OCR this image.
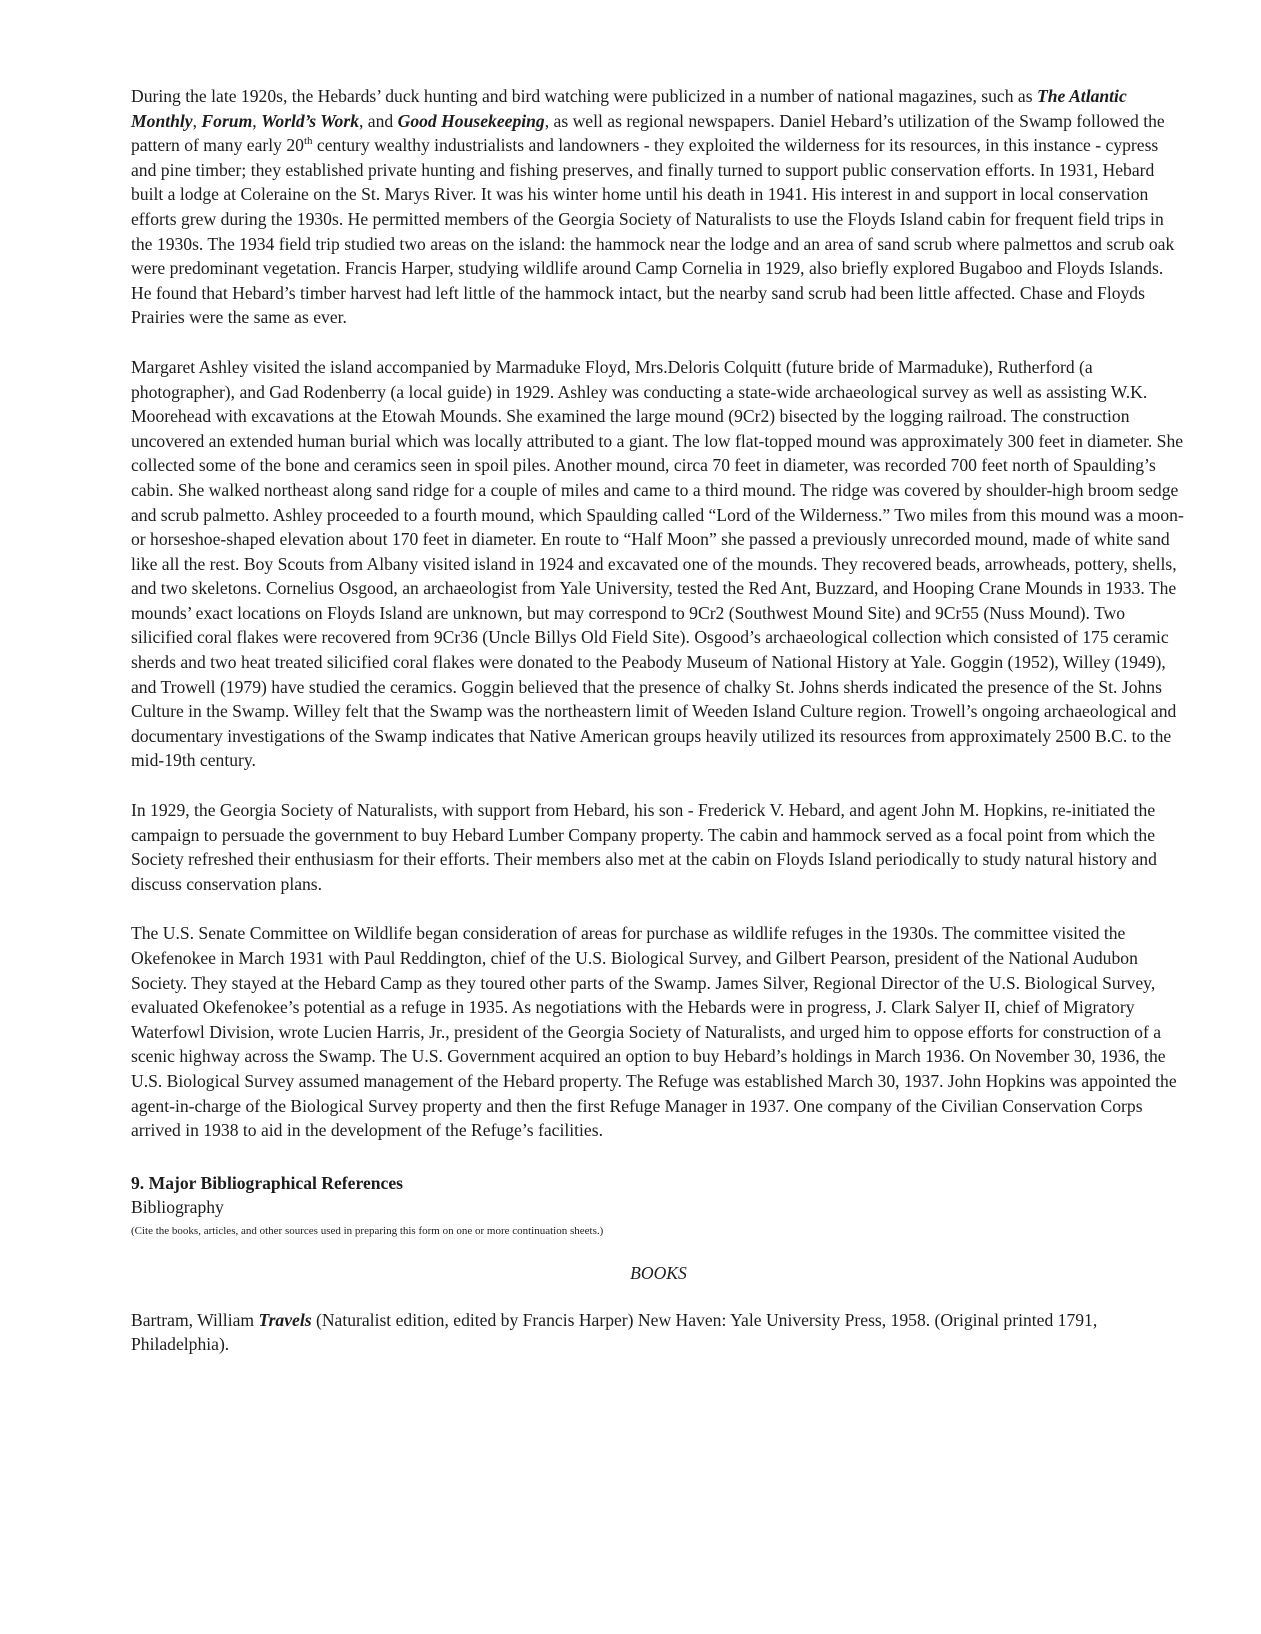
During the late 1920s, the Hebards’ duck hunting and bird watching were publicized in a number of national magazines, such as The Atlantic Monthly, Forum, World’s Work, and Good Housekeeping, as well as regional newspapers. Daniel Hebard’s utilization of the Swamp followed the pattern of many early 20th century wealthy industrialists and landowners - they exploited the wilderness for its resources, in this instance - cypress and pine timber; they established private hunting and fishing preserves, and finally turned to support public conservation efforts. In 1931, Hebard built a lodge at Coleraine on the St. Marys River. It was his winter home until his death in 1941. His interest in and support in local conservation efforts grew during the 1930s. He permitted members of the Georgia Society of Naturalists to use the Floyds Island cabin for frequent field trips in the 1930s. The 1934 field trip studied two areas on the island: the hammock near the lodge and an area of sand scrub where palmettos and scrub oak were predominant vegetation. Francis Harper, studying wildlife around Camp Cornelia in 1929, also briefly explored Bugaboo and Floyds Islands. He found that Hebard’s timber harvest had left little of the hammock intact, but the nearby sand scrub had been little affected. Chase and Floyds Prairies were the same as ever.

Margaret Ashley visited the island accompanied by Marmaduke Floyd, Mrs.Deloris Colquitt (future bride of Marmaduke), Rutherford (a photographer), and Gad Rodenberry (a local guide) in 1929. Ashley was conducting a state-wide archaeological survey as well as assisting W.K. Moorehead with excavations at the Etowah Mounds. She examined the large mound (9Cr2) bisected by the logging railroad. The construction uncovered an extended human burial which was locally attributed to a giant. The low flat-topped mound was approximately 300 feet in diameter. She collected some of the bone and ceramics seen in spoil piles. Another mound, circa 70 feet in diameter, was recorded 700 feet north of Spaulding’s cabin. She walked northeast along sand ridge for a couple of miles and came to a third mound. The ridge was covered by shoulder-high broom sedge and scrub palmetto. Ashley proceeded to a fourth mound, which Spaulding called “Lord of the Wilderness.” Two miles from this mound was a moon- or horseshoe-shaped elevation about 170 feet in diameter. En route to “Half Moon” she passed a previously unrecorded mound, made of white sand like all the rest. Boy Scouts from Albany visited island in 1924 and excavated one of the mounds. They recovered beads, arrowheads, pottery, shells, and two skeletons. Cornelius Osgood, an archaeologist from Yale University, tested the Red Ant, Buzzard, and Hooping Crane Mounds in 1933. The mounds’ exact locations on Floyds Island are unknown, but may correspond to 9Cr2 (Southwest Mound Site) and 9Cr55 (Nuss Mound). Two silicified coral flakes were recovered from 9Cr36 (Uncle Billys Old Field Site). Osgood’s archaeological collection which consisted of 175 ceramic sherds and two heat treated silicified coral flakes were donated to the Peabody Museum of National History at Yale. Goggin (1952), Willey (1949), and Trowell (1979) have studied the ceramics. Goggin believed that the presence of chalky St. Johns sherds indicated the presence of the St. Johns Culture in the Swamp. Willey felt that the Swamp was the northeastern limit of Weeden Island Culture region. Trowell’s ongoing archaeological and documentary investigations of the Swamp indicates that Native American groups heavily utilized its resources from approximately 2500 B.C. to the mid-19th century.

In 1929, the Georgia Society of Naturalists, with support from Hebard, his son - Frederick V. Hebard, and agent John M. Hopkins, re-initiated the campaign to persuade the government to buy Hebard Lumber Company property. The cabin and hammock served as a focal point from which the Society refreshed their enthusiasm for their efforts. Their members also met at the cabin on Floyds Island periodically to study natural history and discuss conservation plans.

The U.S. Senate Committee on Wildlife began consideration of areas for purchase as wildlife refuges in the 1930s. The committee visited the Okefenokee in March 1931 with Paul Reddington, chief of the U.S. Biological Survey, and Gilbert Pearson, president of the National Audubon Society. They stayed at the Hebard Camp as they toured other parts of the Swamp. James Silver, Regional Director of the U.S. Biological Survey, evaluated Okefenokee’s potential as a refuge in 1935. As negotiations with the Hebards were in progress, J. Clark Salyer II, chief of Migratory Waterfowl Division, wrote Lucien Harris, Jr., president of the Georgia Society of Naturalists, and urged him to oppose efforts for construction of a scenic highway across the Swamp. The U.S. Government acquired an option to buy Hebard’s holdings in March 1936. On November 30, 1936, the U.S. Biological Survey assumed management of the Hebard property. The Refuge was established March 30, 1937. John Hopkins was appointed the agent-in-charge of the Biological Survey property and then the first Refuge Manager in 1937. One company of the Civilian Conservation Corps arrived in 1938 to aid in the development of the Refuge’s facilities.

9. Major Bibliographical References
Bibliography
(Cite the books, articles, and other sources used in preparing this form on one or more continuation sheets.)
BOOKS

Bartram, William Travels (Naturalist edition, edited by Francis Harper) New Haven: Yale University Press, 1958. (Original printed 1791, Philadelphia).
